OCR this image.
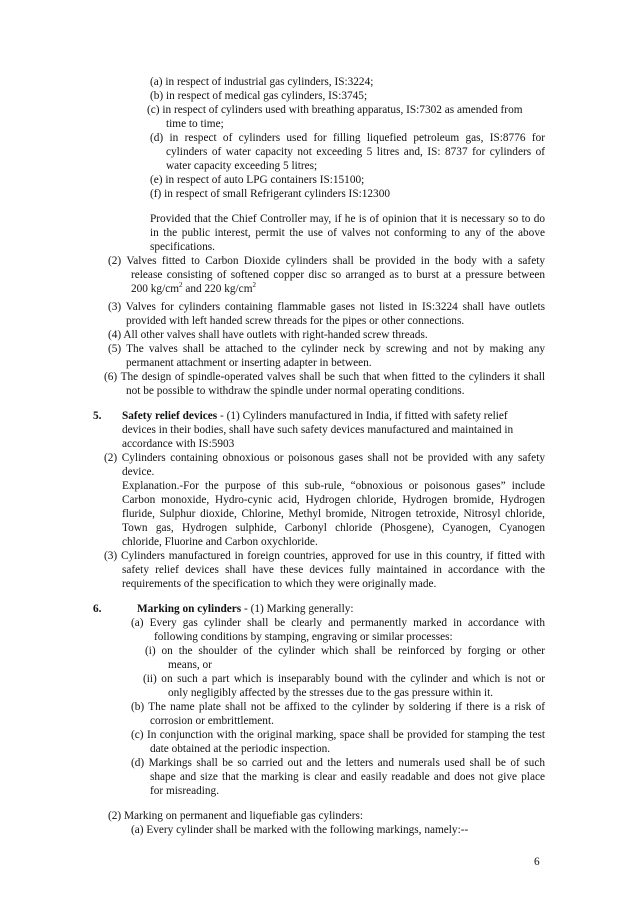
(a) in respect of industrial gas cylinders, IS:3224;
(b) in respect of medical gas cylinders, IS:3745;
(c) in respect of cylinders used with breathing apparatus, IS:7302 as amended from
time to time;
(d) in respect of cylinders used for filling liquefied petroleum gas, IS:8776 for
cylinders of water capacity not exceeding 5 litres and, IS: 8737 for cylinders of
water capacity exceeding 5 litres;
(e) in respect of auto LPG containers IS:15100;
(f) in respect of small Refrigerant cylinders IS:12300
Provided that the Chief Controller may, if he is of opinion that it is necessary so to do
in the public interest, permit the use of valves not conforming to any of the above
specifications.
(2) Valves fitted to Carbon Dioxide cylinders shall be provided in the body with a safety
release consisting of softened copper disc so arranged as to burst at a pressure between
200 $kg/cm^2$ and 220 $kg/cm^2$
(3) Valves for cylinders containing flammable gases not listed in IS:3224 shall have outlets
provided with left handed screw threads for the pipes or other connections.
(4) All other valves shall have outlets with right-handed screw threads.
(5) The valves shall be attached to the cylinder neck by screwing and not by making any
permanent attachment or inserting adapter in between.
(6) The design of spindle-operated valves shall be such that when fitted to the cylinders it shall
not be possible to withdraw the spindle under normal operating conditions.
5. Safety relief devices - (1) Cylinders manufactured in India, if fitted with safety relief
devices in their bodies, shall have such safety devices manufactured and maintained in
accordance with IS:5903
(2) Cylinders containing obnoxious or poisonous gases shall not be provided with any safety
device.
Explanation.-For the purpose of this sub-rule, “obnoxious or poisonous gases” include
Carbon monoxide, Hydro-cynic acid, Hydrogen chloride, Hydrogen bromide, Hydrogen
fluride, Sulphur dioxide, Chlorine, Methyl bromide, Nitrogen tetroxide, Nitrosyl chloride,
Town gas, Hydrogen sulphide, Carbonyl chloride (Phosgene), Cyanogen, Cyanogen
chloride, Fluorine and Carbon oxychloride.
(3) Cylinders manufactured in foreign countries, approved for use in this country, if fitted with
safety relief devices shall have these devices fully maintained in accordance with the
requirements of the specification to which they were originally made.
6.	Marking on cylinders - (1) Marking generally:
(a) Every gas cylinder shall be clearly and permanently marked in accordance with
following conditions by stamping, engraving or similar processes:
(i) on the shoulder of the cylinder which shall be reinforced by forging or other
means, or
(ii) on such a part which is inseparably bound with the cylinder and which is not or
only negligibly affected by the stresses due to the gas pressure within it.
(b) The name plate shall not be affixed to the cylinder by soldering if there is a risk of
corrosion or embrittlement.
(c) In conjunction with the original marking, space shall be provided for stamping the test
date obtained at the periodic inspection.
(d) Markings shall be so carried out and the letters and numerals used shall be of such
shape and size that the marking is clear and easily readable and does not give place
for misreading.
(2) Marking on permanent and liquefiable gas cylinders:
(a) Every cylinder shall be marked with the following markings, namely:--
6
